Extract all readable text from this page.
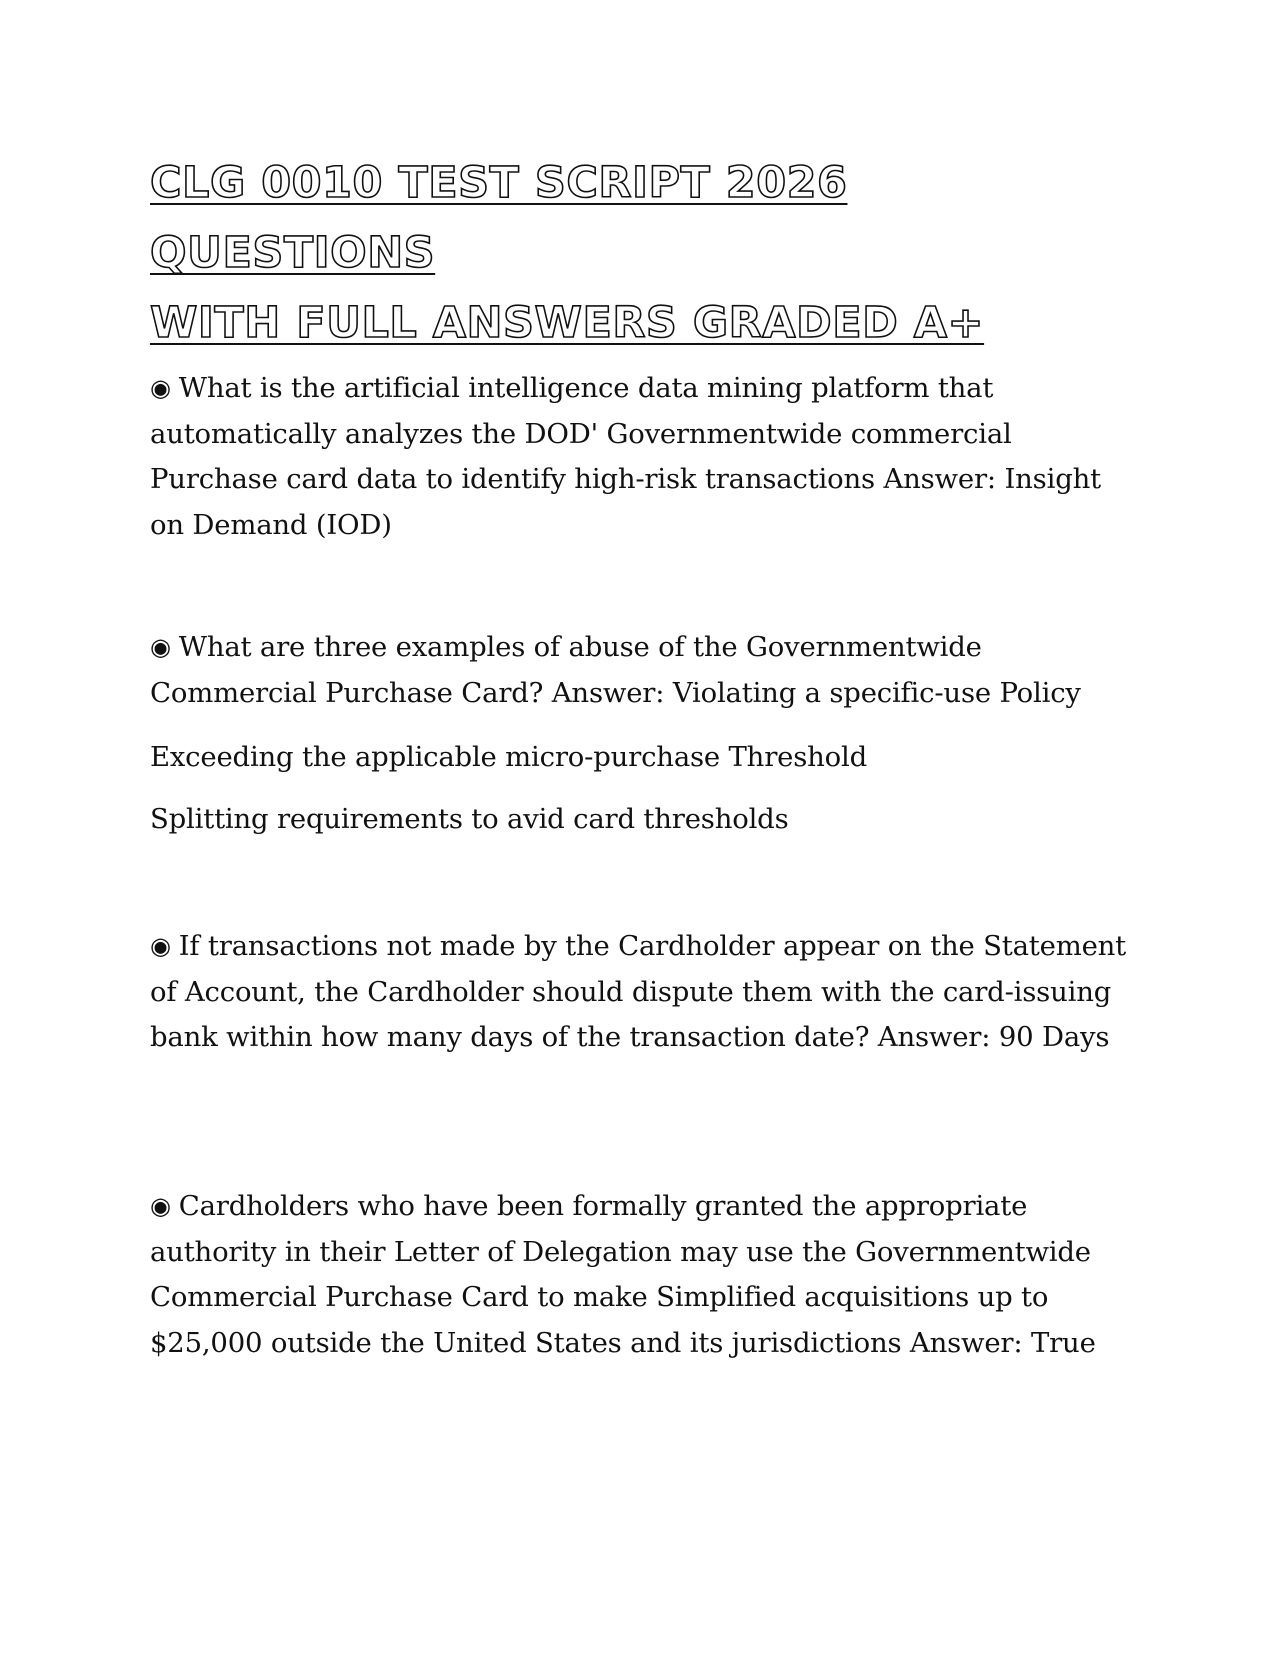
CLG 0010 TEST SCRIPT 2026 QUESTIONS
WITH FULL ANSWERS GRADED A+

◉ What is the artificial intelligence data mining platform that automatically analyzes the DOD' Governmentwide commercial Purchase card data to identify high-risk transactions Answer: Insight on Demand (IOD)

◉ What are three examples of abuse of the Governmentwide Commercial Purchase Card? Answer: Violating a specific-use Policy

Exceeding the applicable micro-purchase Threshold

Splitting requirements to avid card thresholds

◉ If transactions not made by the Cardholder appear on the Statement of Account, the Cardholder should dispute them with the card-issuing bank within how many days of the transaction date? Answer: 90 Days

◉ Cardholders who have been formally granted the appropriate authority in their Letter of Delegation may use the Governmentwide Commercial Purchase Card to make Simplified acquisitions up to $25,000 outside the United States and its jurisdictions Answer: True
